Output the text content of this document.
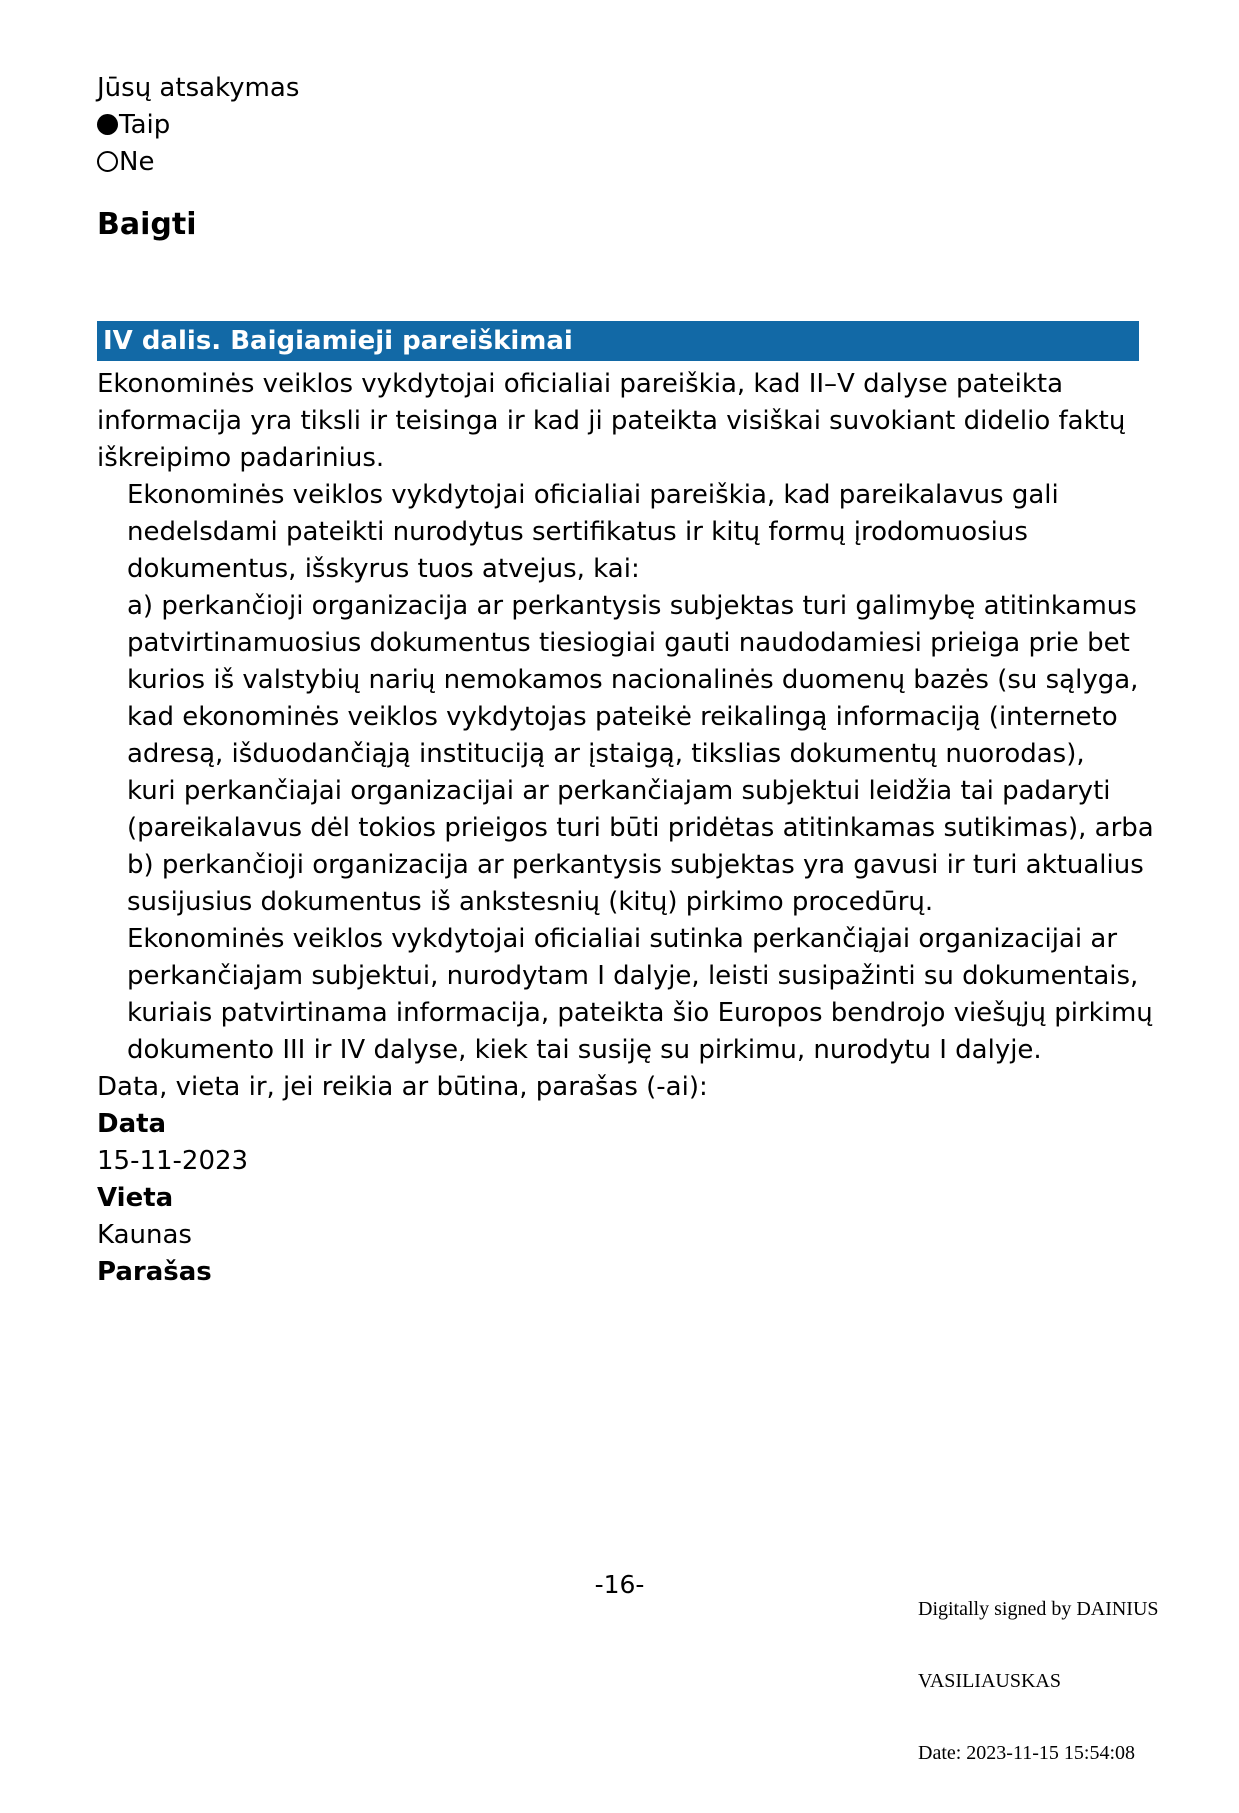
Jūsų atsakymas
Taip
Ne
Baigti
IV dalis. Baigiamieji pareiškimai
Ekonominės veiklos vykdytojai oficialiai pareiškia, kad II–V dalyse pateikta
informacija yra tiksli ir teisinga ir kad ji pateikta visiškai suvokiant didelio faktų
iškreipimo padarinius.
Ekonominės veiklos vykdytojai oficialiai pareiškia, kad pareikalavus gali
nedelsdami pateikti nurodytus sertifikatus ir kitų formų įrodomuosius
dokumentus, išskyrus tuos atvejus, kai:
a) perkančioji organizacija ar perkantysis subjektas turi galimybę atitinkamus
patvirtinamuosius dokumentus tiesiogiai gauti naudodamiesi prieiga prie bet
kurios iš valstybių narių nemokamos nacionalinės duomenų bazės (su sąlyga,
kad ekonominės veiklos vykdytojas pateikė reikalingą informaciją (interneto
adresą, išduodančiąją instituciją ar įstaigą, tikslias dokumentų nuorodas),
kuri perkančiajai organizacijai ar perkančiajam subjektui leidžia tai padaryti
(pareikalavus dėl tokios prieigos turi būti pridėtas atitinkamas sutikimas), arba
b) perkančioji organizacija ar perkantysis subjektas yra gavusi ir turi aktualius
susijusius dokumentus iš ankstesnių (kitų) pirkimo procedūrų.
Ekonominės veiklos vykdytojai oficialiai sutinka perkančiąjai organizacijai ar
perkančiajam subjektui, nurodytam I dalyje, leisti susipažinti su dokumentais,
kuriais patvirtinama informacija, pateikta šio Europos bendrojo viešųjų pirkimų
dokumento III ir IV dalyse, kiek tai susiję su pirkimu, nurodytu I dalyje.
Data, vieta ir, jei reikia ar būtina, parašas (-ai):
Data
15-11-2023
Vieta
Kaunas
Parašas
-16-

Digitally signed by DAINIUS

VASILIAUSKAS

Date: 2023-11-15 15:54:08
